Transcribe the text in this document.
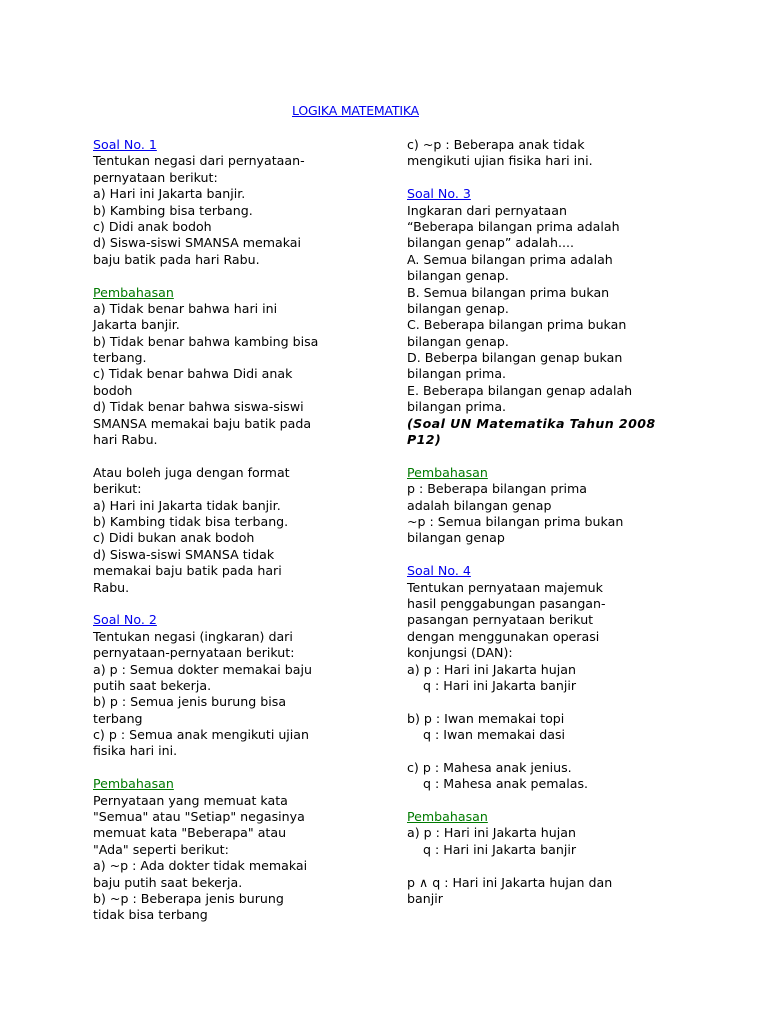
LOGIKA MATEMATIKA
Soal No. 1
Tentukan negasi dari pernyataan-
pernyataan berikut:
a) Hari ini Jakarta banjir.
b) Kambing bisa terbang.
c) Didi anak bodoh
d) Siswa-siswi SMANSA memakai
baju batik pada hari Rabu.
Pembahasan
a) Tidak benar bahwa hari ini
Jakarta banjir.
b) Tidak benar bahwa kambing bisa
terbang.
c) Tidak benar bahwa Didi anak
bodoh
d) Tidak benar bahwa siswa-siswi
SMANSA memakai baju batik pada
hari Rabu.
Atau boleh juga dengan format
berikut:
a) Hari ini Jakarta tidak banjir.
b) Kambing tidak bisa terbang.
c) Didi bukan anak bodoh
d) Siswa-siswi SMANSA tidak
memakai baju batik pada hari
Rabu.
Soal No. 2
Tentukan negasi (ingkaran) dari
pernyataan-pernyataan berikut:
a) p : Semua dokter memakai baju
putih saat bekerja.
b) p : Semua jenis burung bisa
terbang
c) p : Semua anak mengikuti ujian
fisika hari ini.
Pembahasan
Pernyataan yang memuat kata
"Semua" atau "Setiap" negasinya
memuat kata "Beberapa" atau
"Ada" seperti berikut:
a) ~p : Ada dokter tidak memakai
baju putih saat bekerja.
b) ~p : Beberapa jenis burung
tidak bisa terbang
c) ~p : Beberapa anak tidak
mengikuti ujian fisika hari ini.
Soal No. 3
Ingkaran dari pernyataan
“Beberapa bilangan prima adalah
bilangan genap” adalah....
A. Semua bilangan prima adalah
bilangan genap.
B. Semua bilangan prima bukan
bilangan genap.
C. Beberapa bilangan prima bukan
bilangan genap.
D. Beberpa bilangan genap bukan
bilangan prima.
E. Beberapa bilangan genap adalah
bilangan prima.
(Soal UN Matematika Tahun 2008
P12)
Pembahasan
p : Beberapa bilangan prima
adalah bilangan genap
~p : Semua bilangan prima bukan
bilangan genap
Soal No. 4
Tentukan pernyataan majemuk
hasil penggabungan pasangan-
pasangan pernyataan berikut
dengan menggunakan operasi
konjungsi (DAN):
a) p : Hari ini Jakarta hujan
q : Hari ini Jakarta banjir
b) p : Iwan memakai topi
q : Iwan memakai dasi
c) p : Mahesa anak jenius.
q : Mahesa anak pemalas.
Pembahasan
a) p : Hari ini Jakarta hujan
q : Hari ini Jakarta banjir
p ∧ q : Hari ini Jakarta hujan dan
banjir
